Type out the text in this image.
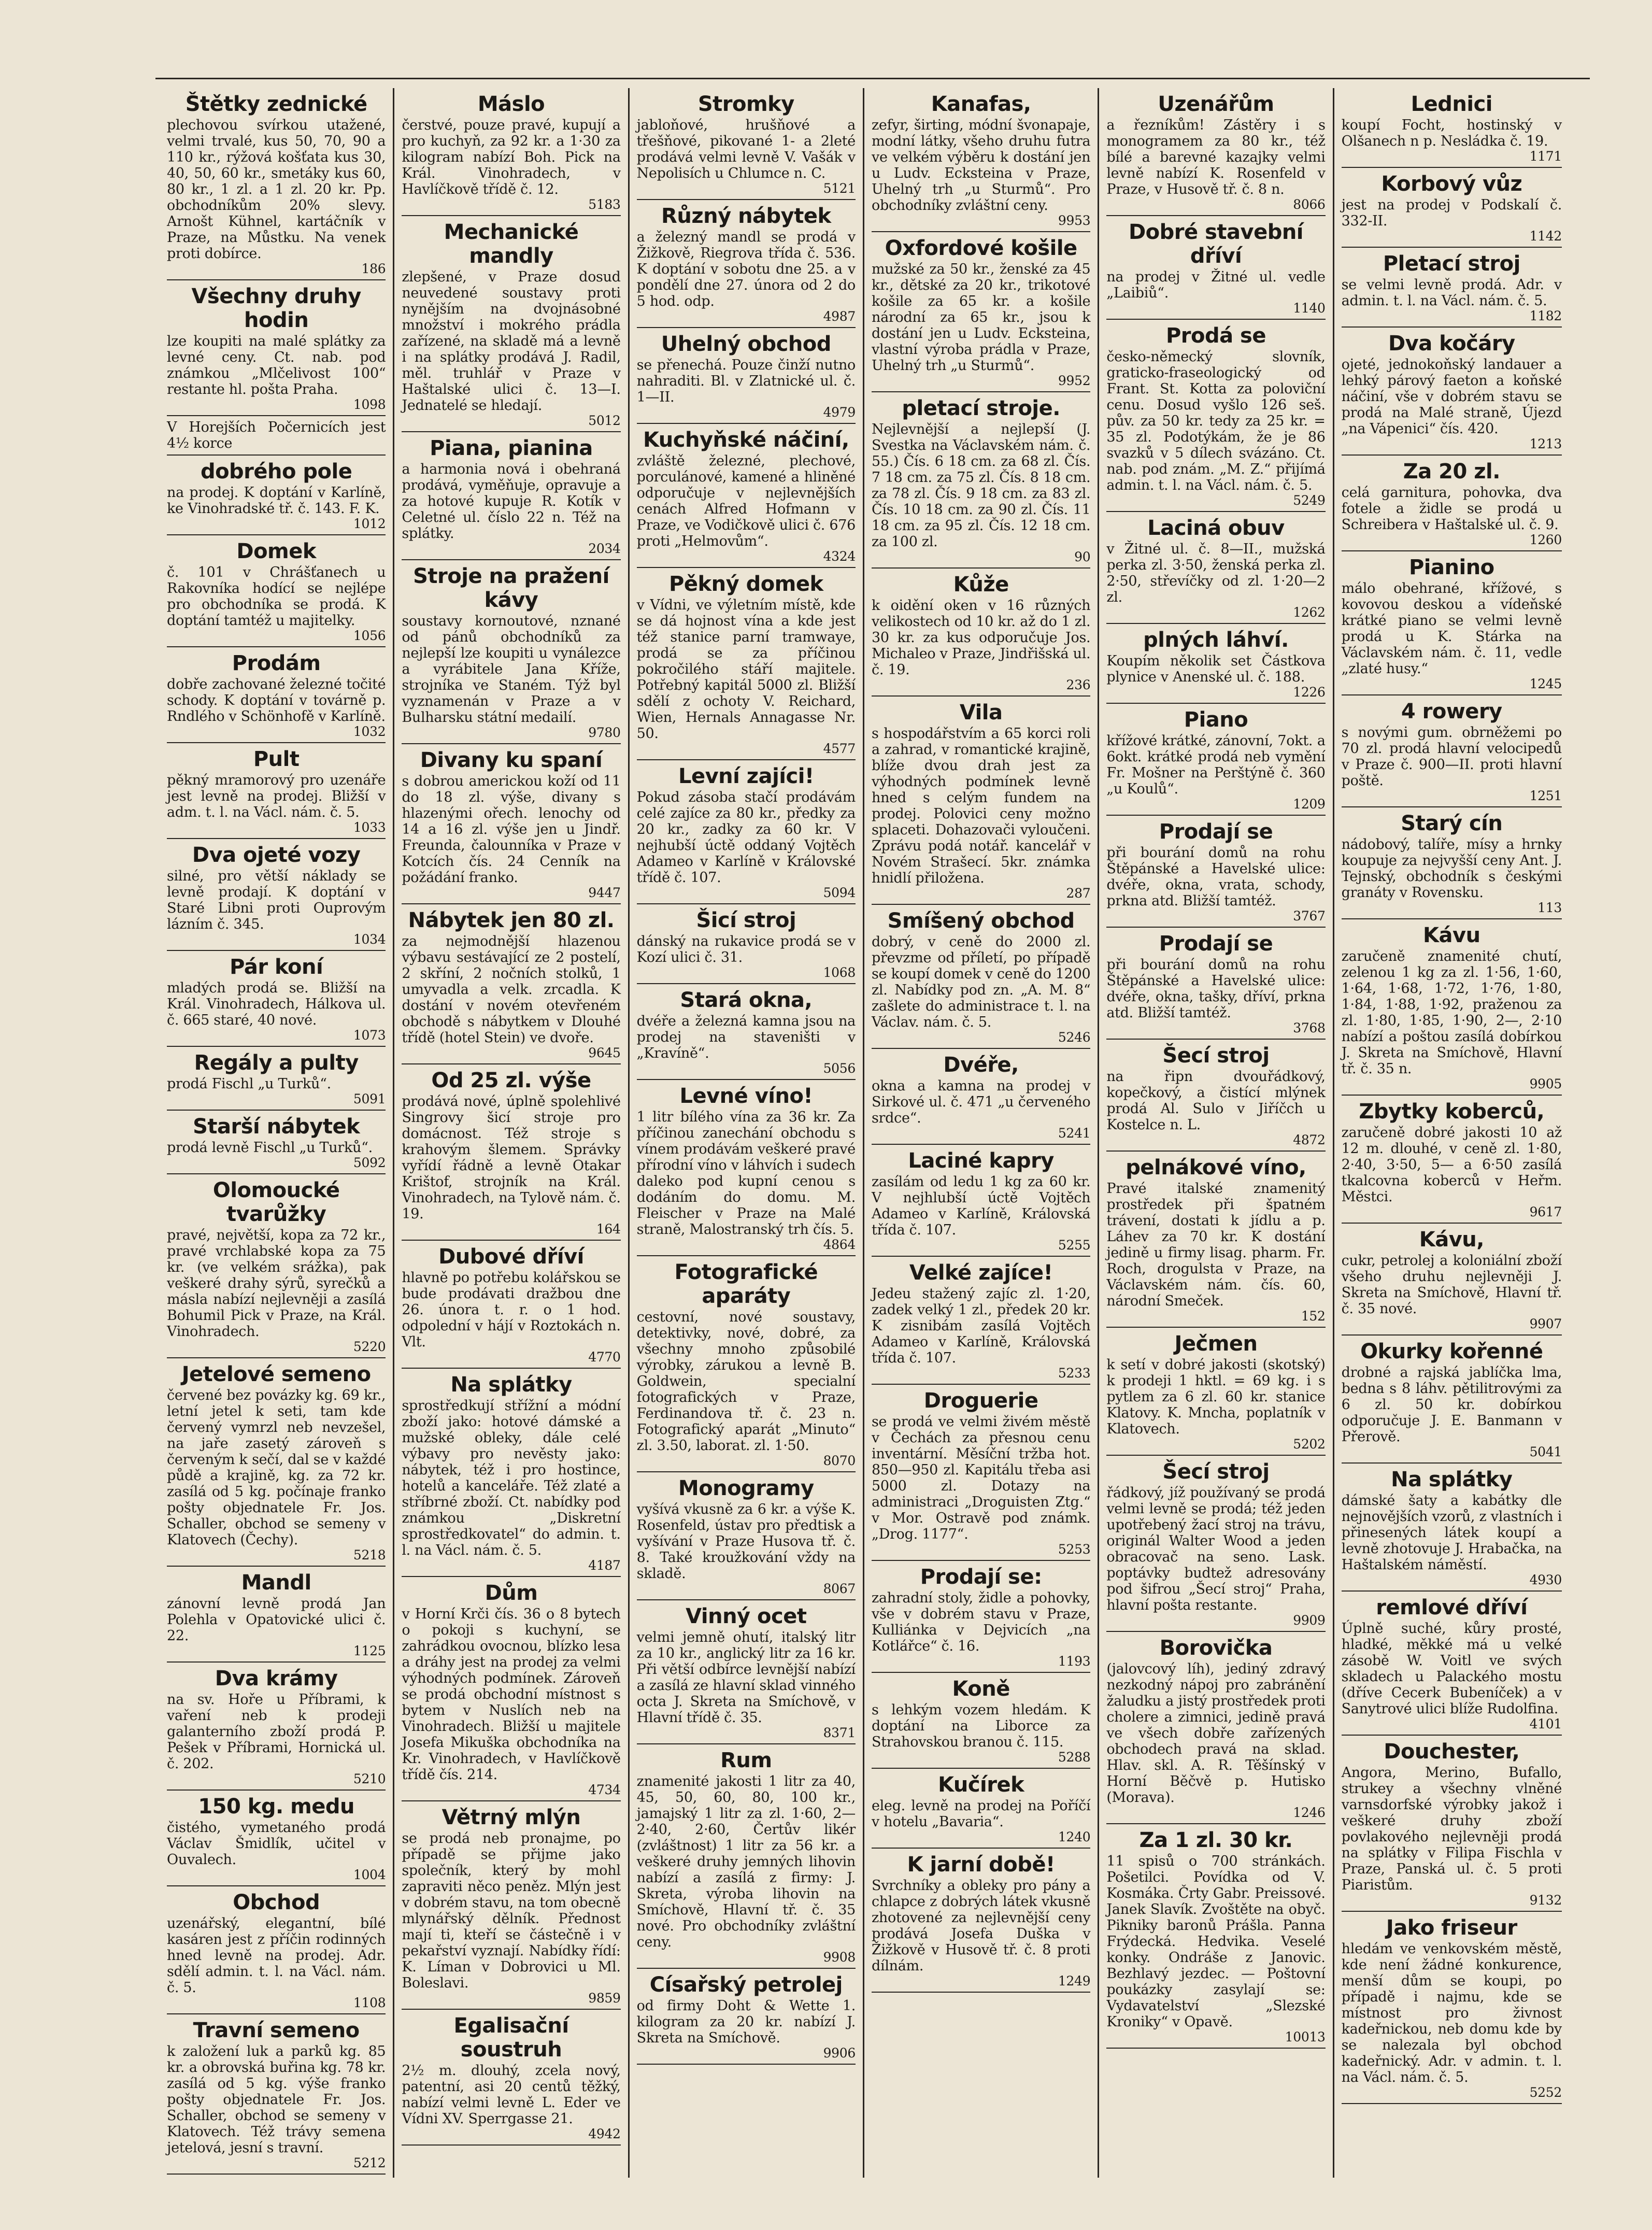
Štětky zednické
plechovou svírkou utažené, velmi trvalé, kus 50, 70, 90 a 110 kr., rýžová košťata kus 30, 40, 50, 60 kr., smetáky kus 60, 80 kr., 1 zl. a 1 zl. 20 kr. Pp. obchodníkům 20% slevy. Arnošt Kühnel, kartáčník v Praze, na Můstku. Na venek proti dobírce.
186
Všechny druhy hodin
lze koupiti na malé splátky za levné ceny. Ct. nab. pod známkou „Mlčelivost 100“ restante hl. pošta Praha.
1098
V Horejších Počernicích jest 4½ korce
dobrého pole
na prodej. K doptání v Karlíně, ke Vinohradské tř. č. 143. F. K.
1012
Domek
č. 101 v Chrášťanech u Rakovníka hodící se nejlépe pro obchodníka se prodá. K doptání tamtéž u majitelky.
1056
Prodám
dobře zachované železné točité schody. K doptání v továrně p. Rndlého v Schönhofě v Karlíně.
1032
Pult
pěkný mramorový pro uzenáře jest levně na prodej. Bližší v adm. t. l. na Václ. nám. č. 5.
1033
Dva ojeté vozy
silné, pro větší náklady se levně prodají. K doptání v Staré Libni proti Ouprovým lázním č. 345.
1034
Pár koní
mladých prodá se. Bližší na Král. Vinohradech, Hálkova ul. č. 665 staré, 40 nové.
1073
Regály a pulty
prodá Fischl „u Turků“.
5091
Starší nábytek
prodá levně Fischl „u Turků“.
5092
Olomoucké tvarůžky
pravé, největší, kopa za 72 kr., pravé vrchlabské kopa za 75 kr. (ve velkém srážka), pak veškeré drahy sýrů, syrečků a másla nabízí nejlevněji a zasílá Bohumil Pick v Praze, na Král. Vinohradech.
5220
Jetelové semeno
červené bez povázky kg. 69 kr., letní jetel k seti, tam kde červený vymrzl neb nevzešel, na jaře zasetý zároveň s červeným k sečí, dal se v každé půdě a krajině, kg. za 72 kr. zasílá od 5 kg. počínaje franko pošty objednatele Fr. Jos. Schaller, obchod se semeny v Klatovech (Čechy).
5218
Mandl
zánovní levně prodá Jan Polehla v Opatovické ulici č. 22.
1125
Dva krámy
na sv. Hoře u Příbrami, k vaření neb k prodeji galanterního zboží prodá P. Pešek v Příbrami, Hornická ul. č. 202.
5210
150 kg. medu
čistého, vymetaného prodá Václav Šmidlík, učitel v Ouvalech.
1004
Obchod
uzenářský, elegantní, bílé kasáren jest z příčin rodinných hned levně na prodej. Adr. sdělí admin. t. l. na Václ. nám. č. 5.
1108
Travní semeno
k založení luk a parků kg. 85 kr. a obrovská buřina kg. 78 kr. zasílá od 5 kg. výše franko pošty objednatele Fr. Jos. Schaller, obchod se semeny v Klatovech. Též trávy semena jetelová, jesní s travní.
5212
Máslo
čerstvé, pouze pravé, kupují a pro kuchyň, za 92 kr. a 1·30 za kilogram nabízí Boh. Pick na Král. Vinohradech, v Havlíčkově třídě č. 12.
5183
Mechanické mandly
zlepšené, v Praze dosud neuvedené soustavy proti nynějším na dvojnásobné množství i mokrého prádla zařízené, na skladě má a levně i na splátky prodává J. Radil, měl. truhlář v Praze v Haštalské ulici č. 13—I. Jednatelé se hledají.
5012
Piana, pianina
a harmonia nová i obehraná prodává, vyměňuje, opravuje a za hotové kupuje R. Kotík v Celetné ul. číslo 22 n. Též na splátky.
2034
Stroje na pražení kávy
soustavy kornoutové, nznané od pánů obchodníků za nejlepší lze koupiti u vynálezce a vyrábitele Jana Kříže, strojníka ve Staném. Týž byl vyznamenán v Praze a v Bulharsku státní medailí.
9780
Divany ku spaní
s dobrou americkou koží od 11 do 18 zl. výše, divany s hlazenými ořech. lenochy od 14 a 16 zl. výše jen u Jindř. Freunda, čalounníka v Praze v Kotcích čís. 24 Cenník na požádání franko.
9447
Nábytek jen 80 zl.
za nejmodnější hlazenou výbavu sestávající ze 2 postelí, 2 skříní, 2 nočních stolků, 1 umyvadla a velk. zrcadla. K dostání v novém otevřeném obchodě s nábytkem v Dlouhé třídě (hotel Stein) ve dvoře.
9645
Od 25 zl. výše
prodává nové, úplně spolehlivé Singrovy šicí stroje pro domácnost. Též stroje s krahovým šlemem. Správky vyřídí řádně a levně Otakar Krištof, strojník na Král. Vinohradech, na Tylově nám. č. 19.
164
Dubové dříví
hlavně po potřebu kolářskou se bude prodávati dražbou dne 26. února t. r. o 1 hod. odpolední v hájí v Roztokách n. Vlt.
4770
Na splátky
sprostředkují střížní a módní zboží jako: hotové dámské a mužské obleky, dále celé výbavy pro nevěsty jako: nábytek, též i pro hostince, hotelů a kanceláře. Též zlaté a stříbrné zboží. Ct. nabídky pod známkou „Diskretní sprostředkovatel“ do admin. t. l. na Václ. nám. č. 5.
4187
Dům
v Horní Krči čís. 36 o 8 bytech o pokoji s kuchyní, se zahrádkou ovocnou, blízko lesa a dráhy jest na prodej za velmi výhodných podmínek. Zároveň se prodá obchodní místnost s bytem v Nuslích neb na Vinohradech. Bližší u majitele Josefa Mikuška obchodníka na Kr. Vinohradech, v Havlíčkově třídě čís. 214.
4734
Větrný mlýn
se prodá neb pronajme, po případě se přijme jako společník, který by mohl zapraviti něco peněz. Mlýn jest v dobrém stavu, na tom obecně mlynářský dělník. Přednost mají ti, kteří se částečně i v pekařství vyznají. Nabídky řídí: K. Líman v Dobrovici u Ml. Boleslavi.
9859
Egalisační soustruh
2½ m. dlouhý, zcela nový, patentní, asi 20 centů těžký, nabízí velmi levně L. Eder ve Vídni XV. Sperrgasse 21.
4942
Stromky
jabloňové, hrušňové a třešňové, pikované 1- a 2leté prodává velmi levně V. Vašák v Nepolisích u Chlumce n. C.
5121
Různý nábytek
a železný mandl se prodá v Žižkově, Riegrova třída č. 536. K doptání v sobotu dne 25. a v pondělí dne 27. února od 2 do 5 hod. odp.
4987
Uhelný obchod
se přenechá. Pouze činží nutno nahraditi. Bl. v Zlatnické ul. č. 1—II.
4979
Kuchyňské náčiní,
zvláště železné, plechové, porculánové, kamené a hliněné odporučuje v nejlevnějších cenách Alfred Hofmann v Praze, ve Vodičkově ulici č. 676 proti „Helmovům“.
4324
Pěkný domek
v Vídni, ve výletním místě, kde se dá hojnost vína a kde jest též stanice parní tramwaye, prodá se za příčinou pokročilého stáří majitele. Potřebný kapitál 5000 zl. Bližší sdělí z ochoty V. Reichard, Wien, Hernals Annagasse Nr. 50.
4577
Levní zajíci!
Pokud zásoba stačí prodávám celé zajíce za 80 kr., předky za 20 kr., zadky za 60 kr. V nejhubší úctě oddaný Vojtěch Adameo v Karlíně v Královské třídě č. 107.
5094
Šicí stroj
dánský na rukavice prodá se v Kozí ulici č. 31.
1068
Stará okna,
dvéře a železná kamna jsou na prodej na staveništi v „Kravíně“.
5056
Levné víno!
1 litr bílého vína za 36 kr. Za příčinou zanechání obchodu s vínem prodávám veškeré pravé přírodní víno v láhvích i sudech daleko pod kupní cenou s dodáním do domu. M. Fleischer v Praze na Malé straně, Malostranský trh čís. 5.
4864
Fotografické aparáty
cestovní, nové soustavy, detektivky, nové, dobré, za všechny mnoho způsobilé výrobky, zárukou a levně B. Goldwein, specialní fotografických v Praze, Ferdinandova tř. č. 23 n. Fotografický aparát „Minuto“ zl. 3.50, laborat. zl. 1·50.
8070
Monogramy
vyšívá vkusně za 6 kr. a výše K. Rosenfeld, ústav pro předtisk a vyšívání v Praze Husova tř. č. 8. Také kroužkování vždy na skladě.
8067
Vinný ocet
velmi jemně ohutí, italský litr za 10 kr., anglický litr za 16 kr. Při větší odbírce levnější nabízí a zasílá ze hlavní sklad vinného octa J. Skreta na Smíchově, v Hlavní třídě č. 35.
8371
Rum
znamenité jakosti 1 litr za 40, 45, 50, 60, 80, 100 kr., jamajský 1 litr za zl. 1·60, 2—2·40, 2·60, Čertův likér (zvláštnost) 1 litr za 56 kr. a veškeré druhy jemných lihovin nabízí a zasílá z firmy: J. Skreta, výroba lihovin na Smíchově, Hlavní tř. č. 35 nové. Pro obchodníky zvláštní ceny.
9908
Císařský petrolej
od firmy Doht & Wette 1. kilogram za 20 kr. nabízí J. Skreta na Smíchově.
9906
Kanafas,
zefyr, širting, módní švonapaje, modní látky, všeho druhu futra ve velkém výběru k dostání jen u Ludv. Ecksteina v Praze, Uhelný trh „u Sturmů“. Pro obchodníky zvláštní ceny.
9953
Oxfordové košile
mužské za 50 kr., ženské za 45 kr., dětské za 20 kr., trikotové košile za 65 kr. a košile národní za 65 kr., jsou k dostání jen u Ludv. Ecksteina, vlastní výroba prádla v Praze, Uhelný trh „u Sturmů“.
9952
pletací stroje.
Nejlevnější a nejlepší (J. Svestka na Václavském nám. č. 55.) Čís. 6 18 cm. za 68 zl. Čís. 7 18 cm. za 75 zl. Čís. 8 18 cm. za 78 zl. Čís. 9 18 cm. za 83 zl. Čís. 10 18 cm. za 90 zl. Čís. 11 18 cm. za 95 zl. Čís. 12 18 cm. za 100 zl.
90
Kůže
k oidění oken v 16 různých velikostech od 10 kr. až do 1 zl. 30 kr. za kus odporučuje Jos. Michaleo v Praze, Jindřišská ul. č. 19.
236
Vila
s hospodářstvím a 65 korci roli a zahrad, v romantické krajině, blíže dvou drah jest za výhodných podmínek levně hned s celým fundem na prodej. Polovici ceny možno splaceti. Dohazovači vyloučeni. Zprávu podá notář. kancelář v Novém Strašecí. 5kr. známka hnidlí přiložena.
287
Smíšený obchod
dobrý, v ceně do 2000 zl. převzme od příletí, po případě se koupí domek v ceně do 1200 zl. Nabídky pod zn. „A. M. 8“ zašlete do administrace t. l. na Václav. nám. č. 5.
5246
Dvéře,
okna a kamna na prodej v Sirkové ul. č. 471 „u červeného srdce“.
5241
Laciné kapry
zasílám od ledu 1 kg za 60 kr. V nejhlubší úctě Vojtěch Adameo v Karlíně, Královská třída č. 107.
5255
Velké zajíce!
Jedeu stažený zajíc zl. 1·20, zadek velký 1 zl., předek 20 kr. K zisnibám zasílá Vojtěch Adameo v Karlíně, Královská třída č. 107.
5233
Droguerie
se prodá ve velmi živém městě v Čechách za přesnou cenu inventární. Měsíční tržba hot. 850—950 zl. Kapitálu třeba asi 5000 zl. Dotazy na administraci „Droguisten Ztg.“ v Mor. Ostravě pod známk. „Drog. 1177“.
5253
Prodají se:
zahradní stoly, židle a pohovky, vše v dobrém stavu v Praze, Kulliánka v Dejvicích „na Kotlářce“ č. 16.
1193
Koně
s lehkým vozem hledám. K doptání na Liborce za Strahovskou branou č. 115.
5288
Kučírek
eleg. levně na prodej na Poříčí v hotelu „Bavaria“.
1240
K jarní době!
Svrchníky a obleky pro pány a chlapce z dobrých látek vkusně zhotovené za nejlevnější ceny prodává Josefa Duška v Žižkově v Husově tř. č. 8 proti dílnám.
1249
Uzenářům
a řezníkům! Zástěry i s monogramem za 80 kr., též bílé a barevné kazajky velmi levně nabízí K. Rosenfeld v Praze, v Husově tř. č. 8 n.
8066
Dobré stavební dříví
na prodej v Žitné ul. vedle „Laibiů“.
1140
Prodá se
česko-německý slovník, graticko-fraseologický od Frant. St. Kotta za poloviční cenu. Dosud vyšlo 126 seš. pův. za 50 kr. tedy za 25 kr. = 35 zl. Podotýkám, že je 86 svazků v 5 dílech svázáno. Ct. nab. pod znám. „M. Z.“ přijímá admin. t. l. na Václ. nám. č. 5.
5249
Laciná obuv
v Žitné ul. č. 8—II., mužská perka zl. 3·50, ženská perka zl. 2·50, střevíčky od zl. 1·20—2 zl.
1262
plných láhví.
Koupím několik set Částkova plynice v Anenské ul. č. 188.
1226
Piano
křížové krátké, zánovní, 7okt. a 6okt. krátké prodá neb vymění Fr. Mošner na Perštýně č. 360 „u Koulů“.
1209
Prodají se
při bourání domů na rohu Štěpánské a Havelské ulice: dvéře, okna, vrata, schody, prkna atd. Bližší tamtéž.
3767
Prodají se
při bourání domů na rohu Štěpánské a Havelské ulice: dvéře, okna, tašky, dříví, prkna atd. Bližší tamtéž.
3768
Šecí stroj
na řipn dvouřádkový, kopečkový, a čistící mlýnek prodá Al. Sulo v Jiříčch u Kostelce n. L.
4872
pelnákové víno,
Pravé italské znamenitý prostředek při špatném trávení, dostati k jídlu a p. Láhev za 70 kr. K dostání jedině u firmy lisag. pharm. Fr. Roch, drogulsta v Praze, na Václavském nám. čís. 60, národní Smeček.
152
Ječmen
k setí v dobré jakosti (skotský) k prodeji 1 hktl. = 69 kg. i s pytlem za 6 zl. 60 kr. stanice Klatovy. K. Mncha, poplatník v Klatovech.
5202
Šecí stroj
řádkový, jíž používaný se prodá velmi levně se prodá; též jeden upotřebený žací stroj na trávu, originál Walter Wood a jeden obracovač na seno. Lask. poptávky budtež adresovány pod šifrou „Šecí stroj“ Praha, hlavní pošta restante.
9909
Borovička
(jalovcový líh), jediný zdravý nezkodný nápoj pro zabránění žaludku a jistý prostředek proti cholere a zimnici, jedině pravá ve všech dobře zařízených obchodech pravá na sklad. Hlav. skl. A. R. Těšínský v Horní Běčvě p. Hutisko (Morava).
1246
Za 1 zl. 30 kr.
11 spisů o 700 stránkách. Pošetilci. Povídka od V. Kosmáka. Črty Gabr. Preissové. Janek Slavík. Zvoštěte na obyč. Pikniky baronů Prášla. Panna Frýdecká. Hedvika. Veselé konky. Ondráše z Janovic. Bezhlavý jezdec. — Poštovní poukázky zasylají se: Vydavatelství „Slezské Kroniky“ v Opavě.
10013
Lednici
koupí Focht, hostinský v Olšanech n p. Nesládka č. 19.
1171
Korbový vůz
jest na prodej v Podskalí č. 332-II.
1142
Pletací stroj
se velmi levně prodá. Adr. v admin. t. l. na Václ. nám. č. 5.
1182
Dva kočáry
ojeté, jednokoňský landauer a lehký párový faeton a koňské náčiní, vše v dobrém stavu se prodá na Malé straně, Újezd „na Vápenici“ čís. 420.
1213
Za 20 zl.
celá garnitura, pohovka, dva fotele a židle se prodá u Schreibera v Haštalské ul. č. 9.
1260
Pianino
málo obehrané, křížové, s kovovou deskou a vídeňské krátké piano se velmi levně prodá u K. Stárka na Václavském nám. č. 11, vedle „zlaté husy.“
1245
4 rowery
s novými gum. obrněžemi po 70 zl. prodá hlavní velocipedů v Praze č. 900—II. proti hlavní poště.
1251
Starý cín
nádobový, talíře, mísy a hrnky koupuje za nejvyšší ceny Ant. J. Tejnský, obchodník s českými granáty v Rovensku.
113
Kávu
zaručeně znamenité chutí, zelenou 1 kg za zl. 1·56, 1·60, 1·64, 1·68, 1·72, 1·76, 1·80, 1·84, 1·88, 1·92, praženou za zl. 1·80, 1·85, 1·90, 2—, 2·10 nabízí a poštou zasílá dobírkou J. Skreta na Smíchově, Hlavní tř. č. 35 n.
9905
Zbytky koberců,
zaručeně dobré jakosti 10 až 12 m. dlouhé, v ceně zl. 1·80, 2·40, 3·50, 5— a 6·50 zasílá tkalcovna koberců v Heřm. Městci.
9617
Kávu,
cukr, petrolej a koloniální zboží všeho druhu nejlevněji J. Skreta na Smíchově, Hlavní tř. č. 35 nové.
9907
Okurky kořenné
drobné a rajská jablíčka lma, bedna s 8 láhv. pětilitrovými za 6 zl. 50 kr. dobírkou odporučuje J. E. Banmann v Přerově.
5041
Na splátky
dámské šaty a kabátky dle nejnovějších vzorů, z vlastních i přinesených látek koupí a levně zhotovuje J. Hrabačka, na Haštalském náměstí.
4930
remlové dříví
Úplně suché, kůry prosté, hladké, měkké má u velké zásobě W. Voitl ve svých skladech u Palackého mostu (dříve Cecerk Bubeníček) a v Sanytrové ulici blíže Rudolfina.
4101
Douchester,
Angora, Merino, Bufallo, strukey a všechny vlněné varnsdorfské výrobky jakož i veškeré druhy zboží povlakového nejlevněji prodá na splátky v Filipa Fischla v Praze, Panská ul. č. 5 proti Piaristům.
9132
Jako friseur
hledám ve venkovském městě, kde není žádné konkurence, menší dům se koupi, po případě i najmu, kde se místnost pro živnost kadeřnickou, neb domu kde by se nalezala byl obchod kadeřnický. Adr. v admin. t. l. na Václ. nám. č. 5.
5252
